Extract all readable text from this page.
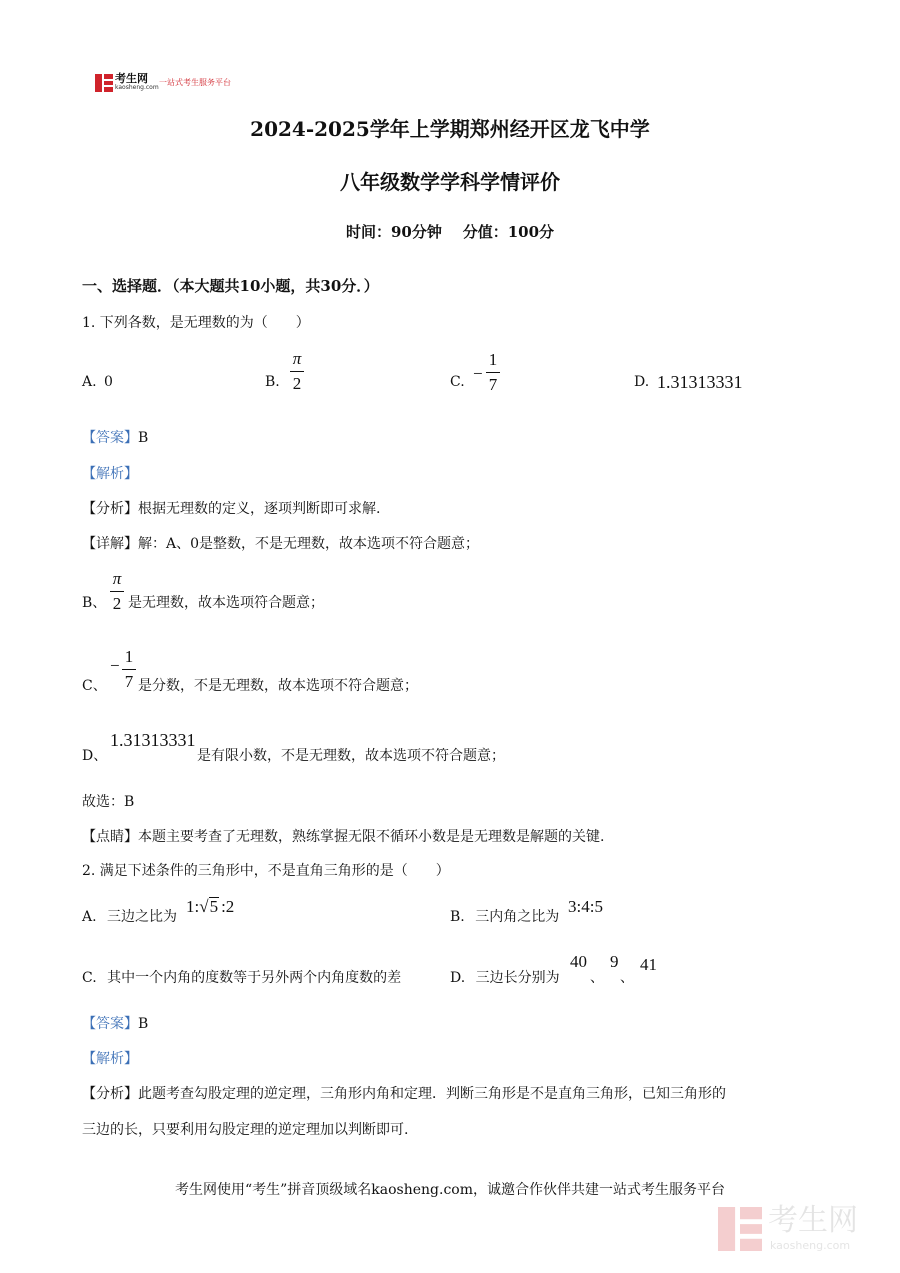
考生网
kaosheng.com
一站式考生服务平台
2024-2025学年上学期郑州经开区龙飞中学
八年级数学学科学情评价
时间：90分钟    分值：100分
一、选择题．（本大题共10小题，共30分．）
1. 下列各数，是无理数的为（　　）
A. 0	B.
π
2	C. −
1
7	D. 1.31313331
【答案】B
【解析】
【分析】根据无理数的定义，逐项判断即可求解.
【详解】解：A、0是整数，不是无理数，故本选项不符合题意；
B、
π
2 是无理数，故本选项符合题意；
C、
− 1
7 是分数，不是无理数，故本选项不符合题意；
D、
1.31313331
是有限小数，不是无理数，故本选项不符合题意；
故选：B
【点睛】本题主要考查了无理数，熟练掌握无限不循环小数是是无理数是解题的关键.
2. 满足下述条件的三角形中，不是直角三角形的是（　　）
A. 三边之比为
1:√5 :2
B. 三内角之比为
3:4:5
C. 其中一个内角的度数等于另外两个内角度数的差	D. 三边长分别为
40
、
9
、
41
【答案】B
【解析】
【分析】此题考查勾股定理的逆定理，三角形内角和定理．判断三角形是不是直角三角形，已知三角形的
三边的长，只要利用勾股定理的逆定理加以判断即可.
考生网使用“考生”拼音顶级域名kaosheng.com，诚邀合作伙伴共建一站式考生服务平台
考生网
kaosheng.com
